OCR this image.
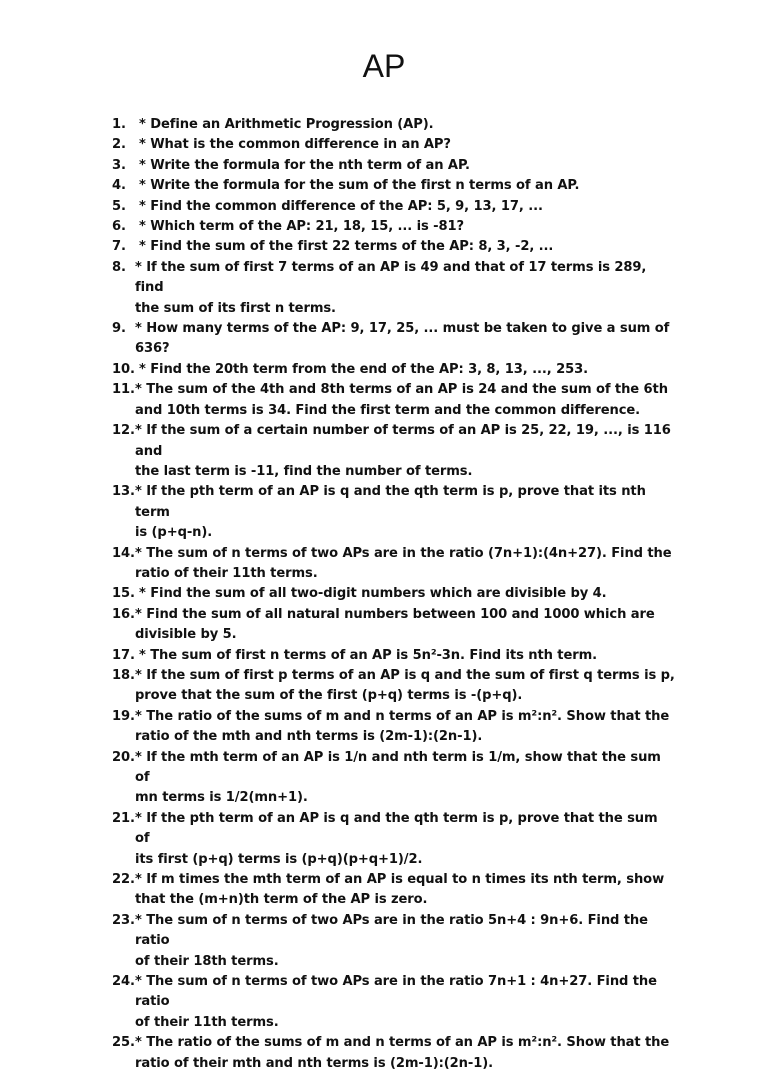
AP
1. * Define an Arithmetic Progression (AP).
2. * What is the common difference in an AP?
3. * Write the formula for the nth term of an AP.
4. * Write the formula for the sum of the first n terms of an AP.
5. * Find the common difference of the AP: 5, 9, 13, 17, ...
6. * Which term of the AP: 21, 18, 15, ... is -81?
7. * Find the sum of the first 22 terms of the AP: 8, 3, -2, ...
8. * If the sum of first 7 terms of an AP is 49 and that of 17 terms is 289, find
the sum of its first n terms.
9. * How many terms of the AP: 9, 17, 25, ... must be taken to give a sum of
636?
10. * Find the 20th term from the end of the AP: 3, 8, 13, ..., 253.
11. * The sum of the 4th and 8th terms of an AP is 24 and the sum of the 6th
and 10th terms is 34. Find the first term and the common difference.
12. * If the sum of a certain number of terms of an AP is 25, 22, 19, ..., is 116 and
the last term is -11, find the number of terms.
13. * If the pth term of an AP is q and the qth term is p, prove that its nth term
is (p+q-n).
14. * The sum of n terms of two APs are in the ratio (7n+1):(4n+27). Find the
ratio of their 11th terms.
15. * Find the sum of all two-digit numbers which are divisible by 4.
16. * Find the sum of all natural numbers between 100 and 1000 which are
divisible by 5.
17. * The sum of first n terms of an AP is 5n²-3n. Find its nth term.
18. * If the sum of first p terms of an AP is q and the sum of first q terms is p,
prove that the sum of the first (p+q) terms is -(p+q).
19. * The ratio of the sums of m and n terms of an AP is m²:n². Show that the
ratio of the mth and nth terms is (2m-1):(2n-1).
20. * If the mth term of an AP is 1/n and nth term is 1/m, show that the sum of
mn terms is 1/2(mn+1).
21. * If the pth term of an AP is q and the qth term is p, prove that the sum of
its first (p+q) terms is (p+q)(p+q+1)/2.
22. * If m times the mth term of an AP is equal to n times its nth term, show
that the (m+n)th term of the AP is zero.
23. * The sum of n terms of two APs are in the ratio 5n+4 : 9n+6. Find the ratio
of their 18th terms.
24. * The sum of n terms of two APs are in the ratio 7n+1 : 4n+27. Find the ratio
of their 11th terms.
25. * The ratio of the sums of m and n terms of an AP is m²:n². Show that the
ratio of their mth and nth terms is (2m-1):(2n-1).
